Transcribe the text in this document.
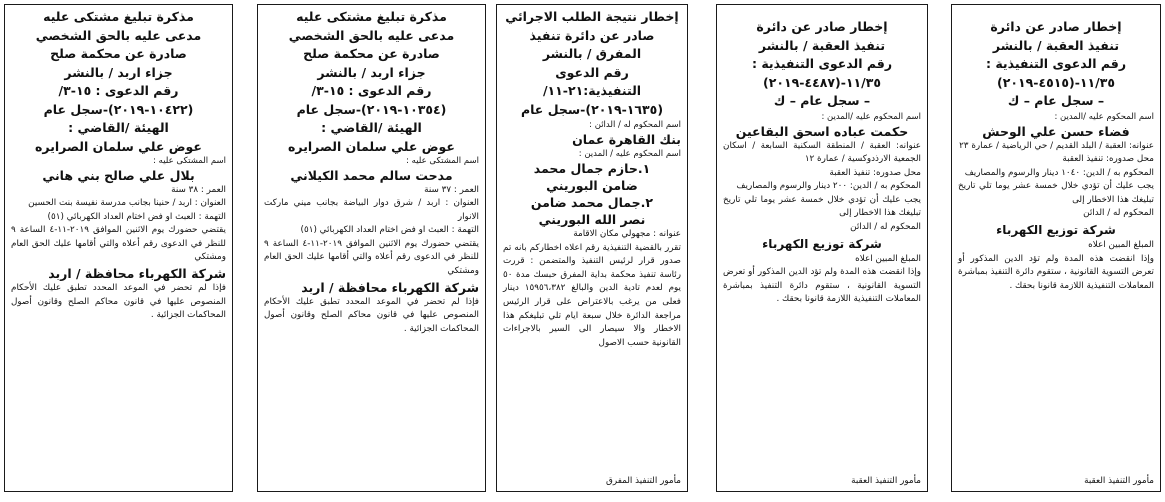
مذكرة تبليغ مشتكى عليه
مدعى عليه بالحق الشخصي
صادرة عن محكمة صلح
جزاء اربد / بالنشر
رقم الدعوى : ١٥-٣/
(١٠٤٢٢-٢٠١٩)-سجل عام
الهيئة /القاضي :
عوض علي سلمان الصرايره
اسم المشتكى عليه :
بلال علي صالح بني هاني
العمر : ٣٨ سنة
العنوان : اربد / حنينا بجانب مدرسة نفيسة بنت الحسين
التهمة : العبث او فض اختام العداد الكهربائي (٥١)
يقتضي حضورك يوم الاثنين الموافق ٢٠١٩-١١-٤ الساعة ٩ للنظر في الدعوى رقم أعلاه والتي أقامها عليك الحق العام ومشتكي
شركة الكهرباء محافظة / اربد
فإذا لم تحضر في الموعد المحدد تطبق عليك الأحكام المنصوص عليها في قانون محاكم الصلح وقانون أصول المحاكمات الجزائية .
مذكرة تبليغ مشتكى عليه
مدعى عليه بالحق الشخصي
صادرة عن محكمة صلح
جزاء اربد / بالنشر
رقم الدعوى : ١٥-٣/
(١٠٣٥٤-٢٠١٩)-سجل عام
الهيئة /القاضي :
عوض علي سلمان الصرايره
اسم المشتكى عليه :
مدحت سالم محمد الكيلاني
العمر : ٣٧ سنة
العنوان : اربد / شرق دوار البياضة بجانب ميني ماركت الانوار
التهمة : العبث او فض اختام العداد الكهربائي (٥١)
يقتضي حضورك يوم الاثنين الموافق ٢٠١٩-١١-٤ الساعة ٩ للنظر في الدعوى رقم أعلاه والتي أقامها عليك الحق العام ومشتكي
شركة الكهرباء محافظة / اربد
فإذا لم تحضر في الموعد المحدد تطبق عليك الأحكام المنصوص عليها في قانون محاكم الصلح وقانون أصول المحاكمات الجزائية .
إخطار نتيجة الطلب الاجرائي
صادر عن دائرة تنفيذ
المفرق / بالنشر
رقم الدعوى
التنفيذية:٢١-١١/
(١٦٣٥-٢٠١٩)-سجل عام
اسم المحكوم له / الدائن :
بنك القاهرة عمان
اسم المحكوم عليه / المدين :
١.حازم جمال محمد
ضامن البوريني
٢.جمال محمد ضامن
نصر الله البوريني
عنوانه : مجهولي مكان الاقامة
تقرر بالقضية التنفيذية رقم اعلاه اخطاركم بانه تم صدور قرار لرئيس التنفيذ والمتضمن : قررت رئاسة تنفيذ محكمة بداية المفرق حبسك مدة ٥٠ يوم لعدم تادية الدين والبالغ ١٥٩٥٦،٣٨٢ دينار فعلى من يرغب بالاعتراض على قرار الرئيس مراجعة الدائرة خلال سبعة ايام تلي تبليغكم هذا الاخطار والا سيصار الى السير بالاجراءات القانونية حسب الاصول
مأمور التنفيذ المفرق
إخطار صادر عن دائرة
تنفيذ العقبة / بالنشر
رقم الدعوى التنفيذية :
١١/٣٥-(٤٤٨٧-٢٠١٩)
– سجل عام – ك
اسم المحكوم عليه /المدين :
حكمت عباده اسحق البقاعين
عنوانه: العقبة / المنطقة السكنية السابعة / اسكان الجمعية الارذدوكسية / عمارة ١٢
محل صدوره: تنفيذ العقبة
المحكوم به / الدين: ٢٠٠ دينار والرسوم والمصاريف
يجب عليك أن تؤدي خلال خمسة عشر يوما تلي تاريخ تبليغك هذا الاخطار إلى
المحكوم له / الدائن
شركة توزيع الكهرباء
المبلغ المبين اعلاه
وإذا انقضت هذه المدة ولم تؤد الدين المذكور أو تعرض التسوية القانونية ، ستقوم دائرة التنفيذ بمباشرة المعاملات التنفيذية اللازمة قانونا بحقك .
مأمور التنفيذ العقبة
إخطار صادر عن دائرة
تنفيذ العقبة / بالنشر
رقم الدعوى التنفيذية :
١١/٣٥-(٤٥١٥-٢٠١٩)
– سجل عام – ك
اسم المحكوم عليه /المدين :
فضاء حسن علي الوحش
عنوانه: العقبة / البلد القديم / حي الرياضية / عمارة ٢٣
محل صدوره: تنفيذ العقبة
المحكوم به / الدين: ١٠٤٠ دينار والرسوم والمصاريف
يجب عليك أن تؤدي خلال خمسة عشر يوما تلي تاريخ تبليغك هذا الاخطار إلى
المحكوم له / الدائن
شركة توزيع الكهرباء
المبلغ المبين اعلاه
وإذا انقضت هذه المدة ولم تؤد الدين المذكور أو تعرض التسوية القانونية ، ستقوم دائرة التنفيذ بمباشرة المعاملات التنفيذية اللازمة قانونا بحقك .
مأمور التنفيذ العقبة
